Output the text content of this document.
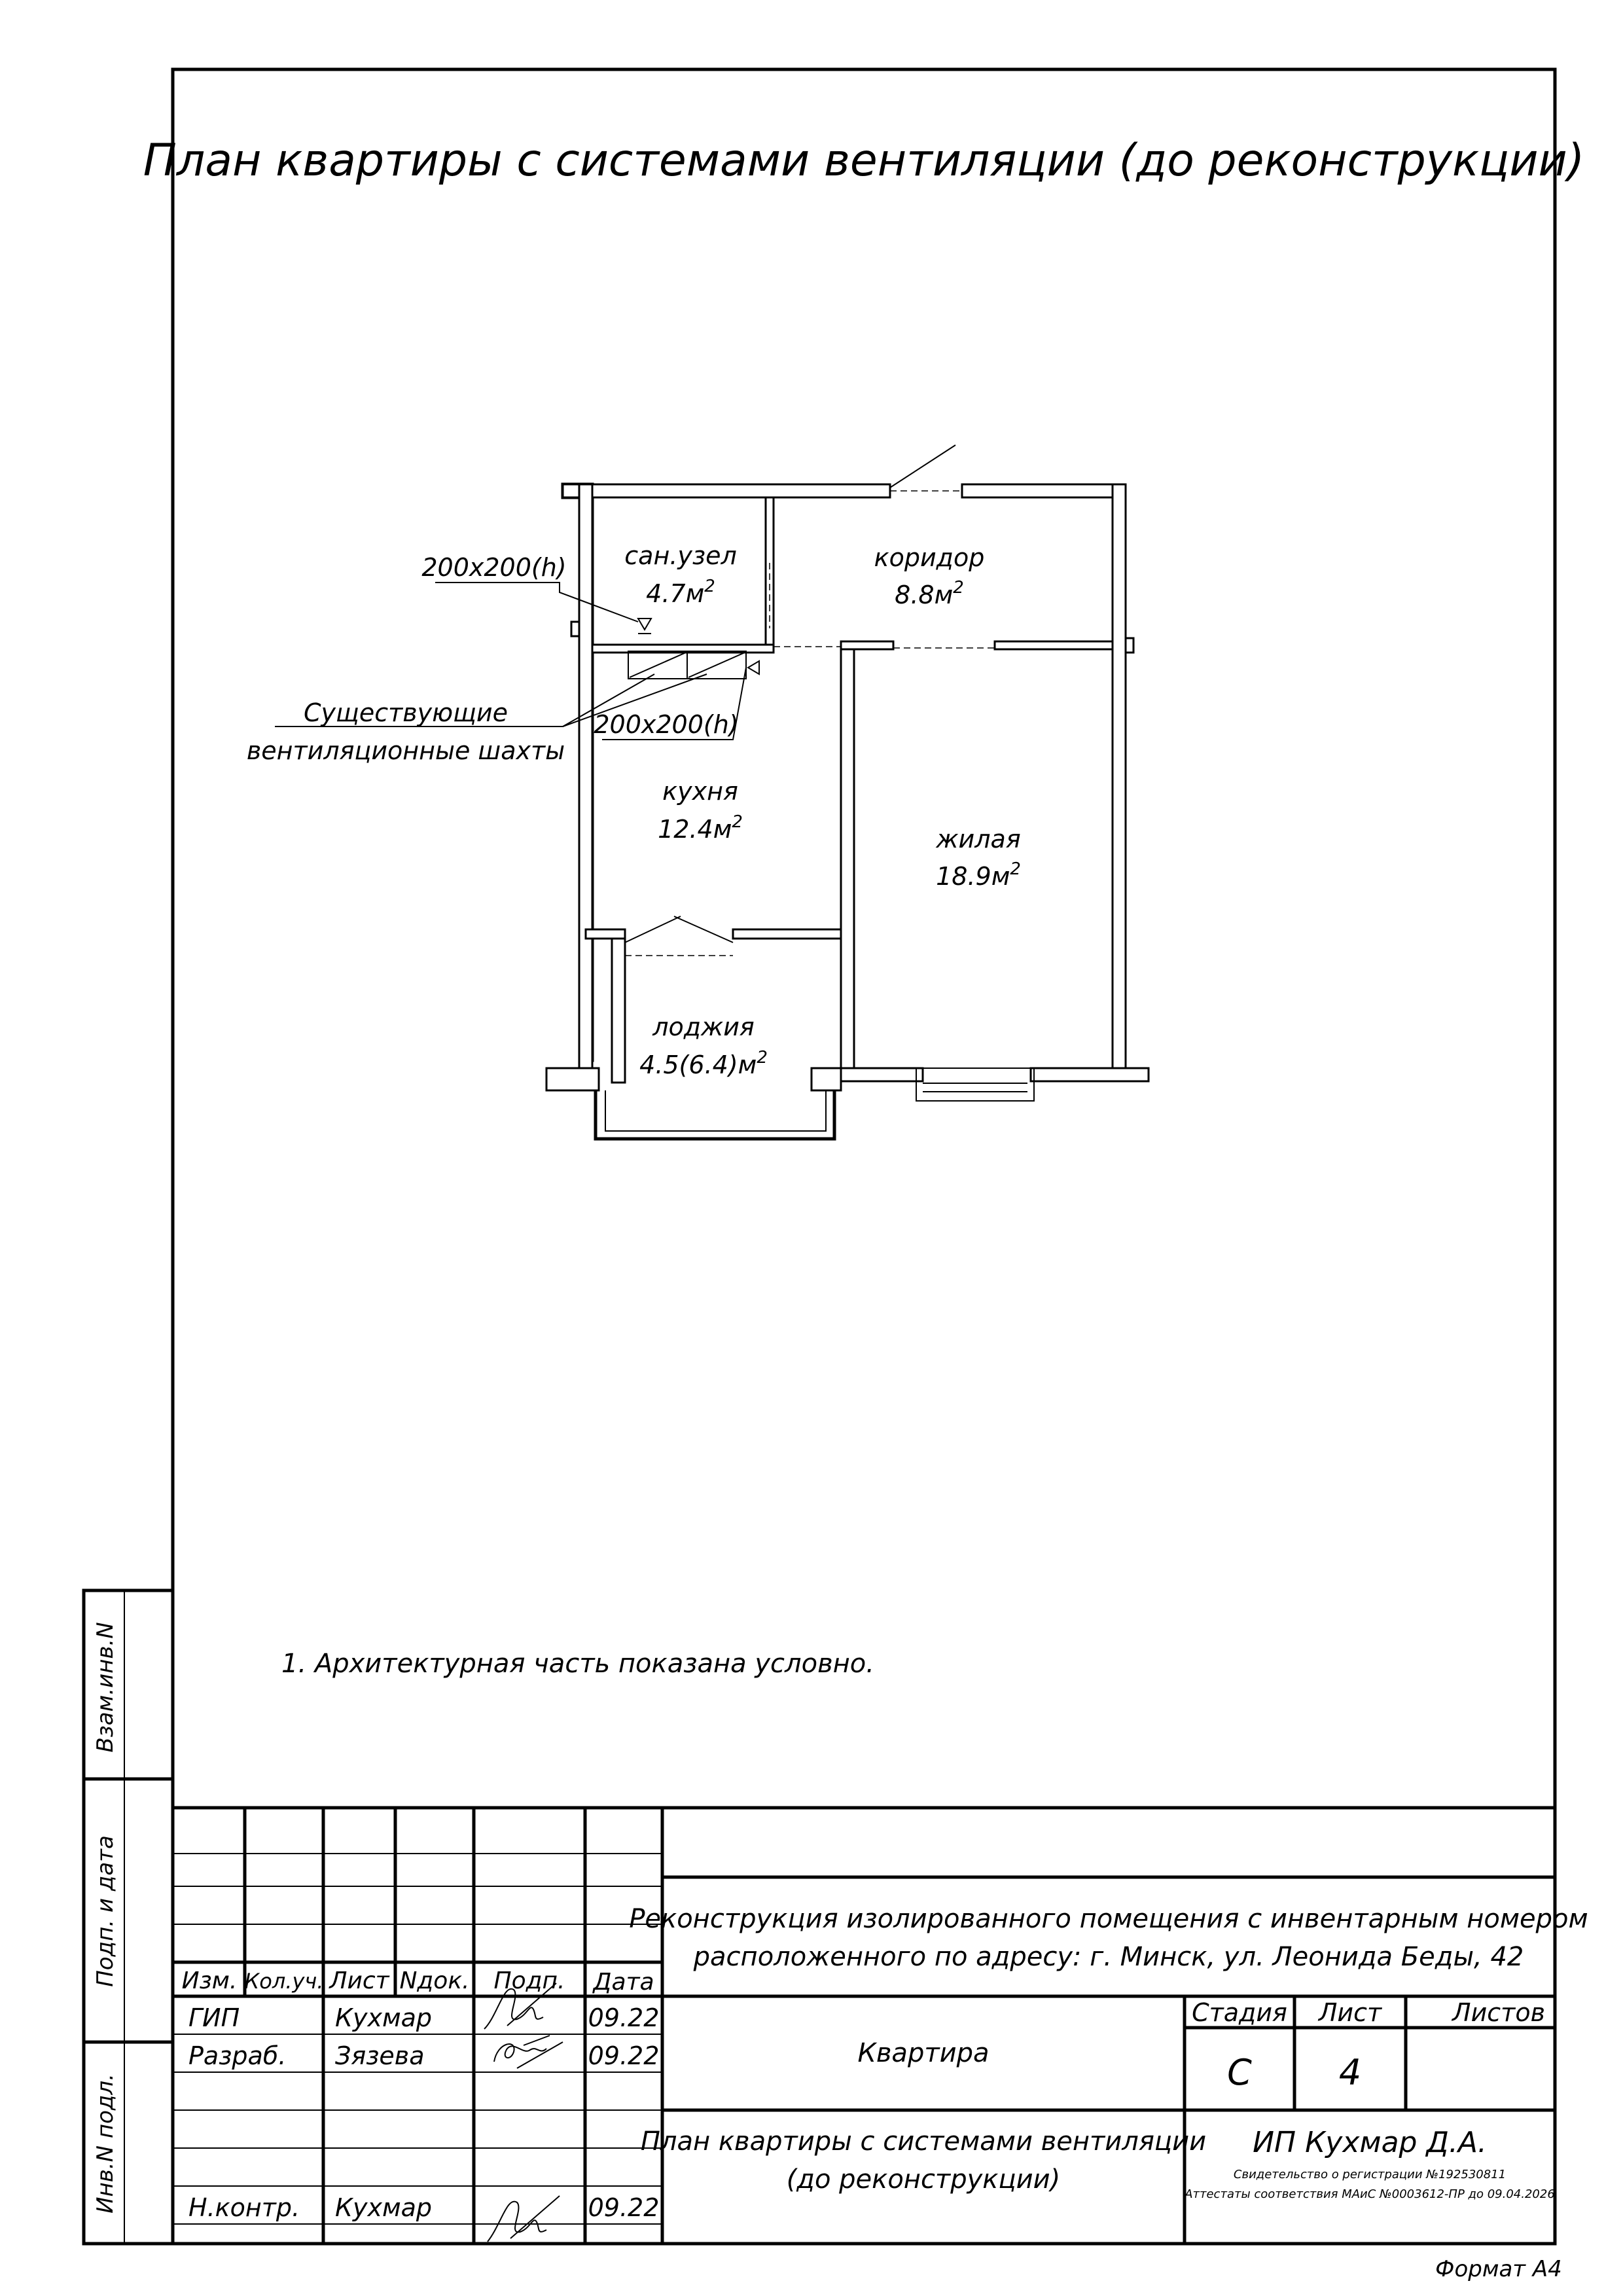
План квартиры с системами вентиляции (до реконструкции)
сан.узел
$4.7м^2$
коридор
$8.8м^2$
кухня
$12.4м^2$
жилая
$18.9м^2$
лоджия
$4.5(6.4)м^2$
200x200(h)
200x200(h)
Существующие
вентиляционные шахты
1. Архитектурная часть показана условно.
Взам.инв.N
Подп. и дата
Инв.N подл.
Изм. Кол.уч. Лист Nдок. Подп. Дата
ГИП	Кухмар	09.22
Разраб. Зязева	09.22
Н.контр. Кухмар	09.22
Реконструкция изолированного помещения с инвентарным номером
расположенного по адресу: г. Минск, ул. Леонида Беды, 42
Квартира
План квартиры с системами вентиляции
(до реконструкции)
Стадия Лист	Листов
С 4
ИП Кухмар Д.А.
Свидетельство о регистрации №192530811
Аттестаты соответствия МАиС №0003612-ПР до 09.04.2026
Формат А4
